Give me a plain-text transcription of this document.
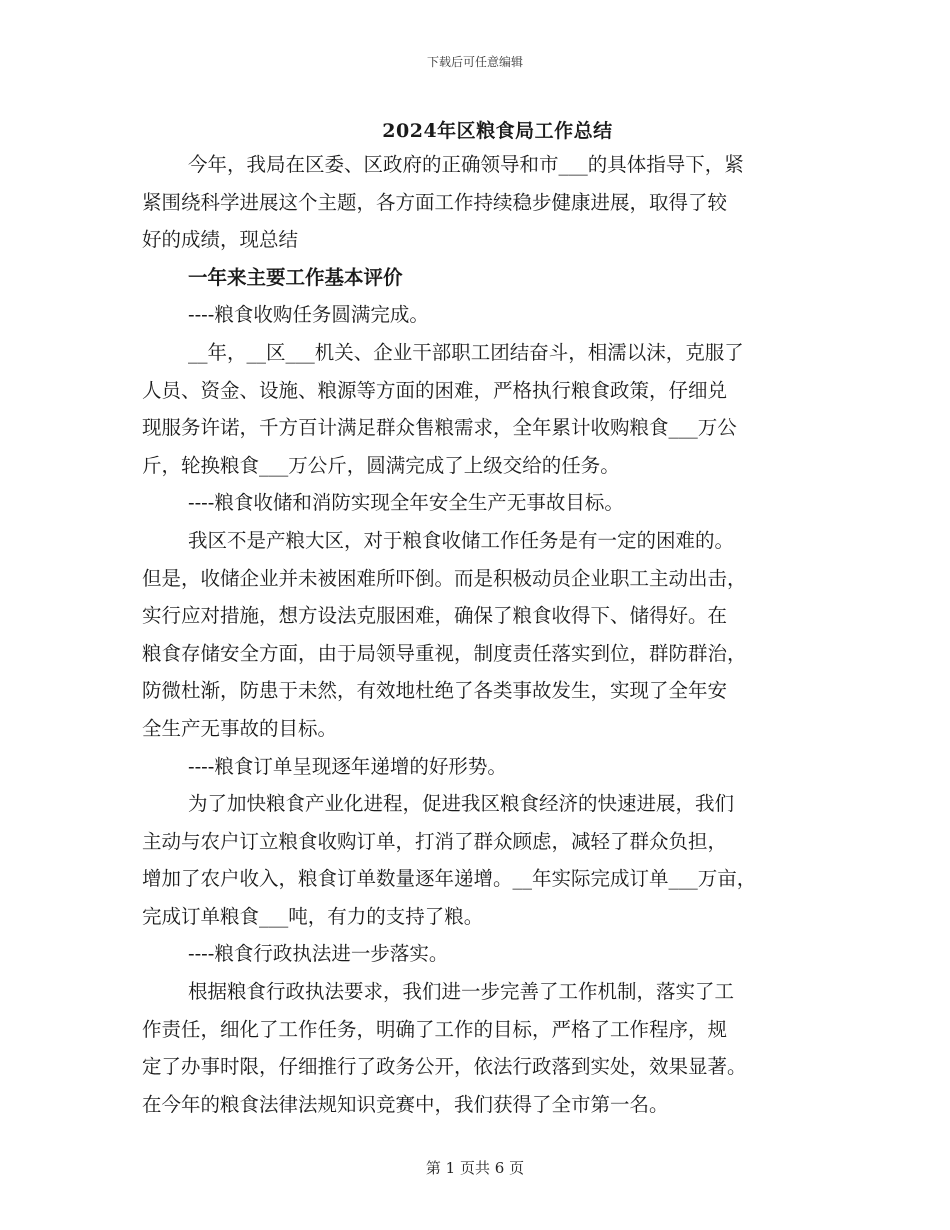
下载后可任意编辑
2024年区粮食局工作总结
今年，我局在区委、区政府的正确领导和市___的具体指导下，紧
紧围绕科学进展这个主题，各方面工作持续稳步健康进展，取得了较
好的成绩，现总结
一年来主要工作基本评价
----粮食收购任务圆满完成。
__年，__区___机关、企业干部职工团结奋斗，相濡以沫，克服了
人员、资金、设施、粮源等方面的困难，严格执行粮食政策，仔细兑
现服务许诺，千方百计满足群众售粮需求，全年累计收购粮食___万公
斤，轮换粮食___万公斤，圆满完成了上级交给的任务。
----粮食收储和消防实现全年安全生产无事故目标。
我区不是产粮大区，对于粮食收储工作任务是有一定的困难的。
但是，收储企业并未被困难所吓倒。而是积极动员企业职工主动出击，
实行应对措施，想方设法克服困难，确保了粮食收得下、储得好。在
粮食存储安全方面，由于局领导重视，制度责任落实到位，群防群治，
防微杜渐，防患于未然，有效地杜绝了各类事故发生，实现了全年安
全生产无事故的目标。
----粮食订单呈现逐年递增的好形势。
为了加快粮食产业化进程，促进我区粮食经济的快速进展，我们
主动与农户订立粮食收购订单，打消了群众顾虑，减轻了群众负担，
增加了农户收入，粮食订单数量逐年递增。__年实际完成订单___万亩，
完成订单粮食___吨，有力的支持了粮。
----粮食行政执法进一步落实。
根据粮食行政执法要求，我们进一步完善了工作机制，落实了工
作责任，细化了工作任务，明确了工作的目标，严格了工作程序，规
定了办事时限，仔细推行了政务公开，依法行政落到实处，效果显著。
在今年的粮食法律法规知识竞赛中，我们获得了全市第一名。
第 1 页共 6 页
